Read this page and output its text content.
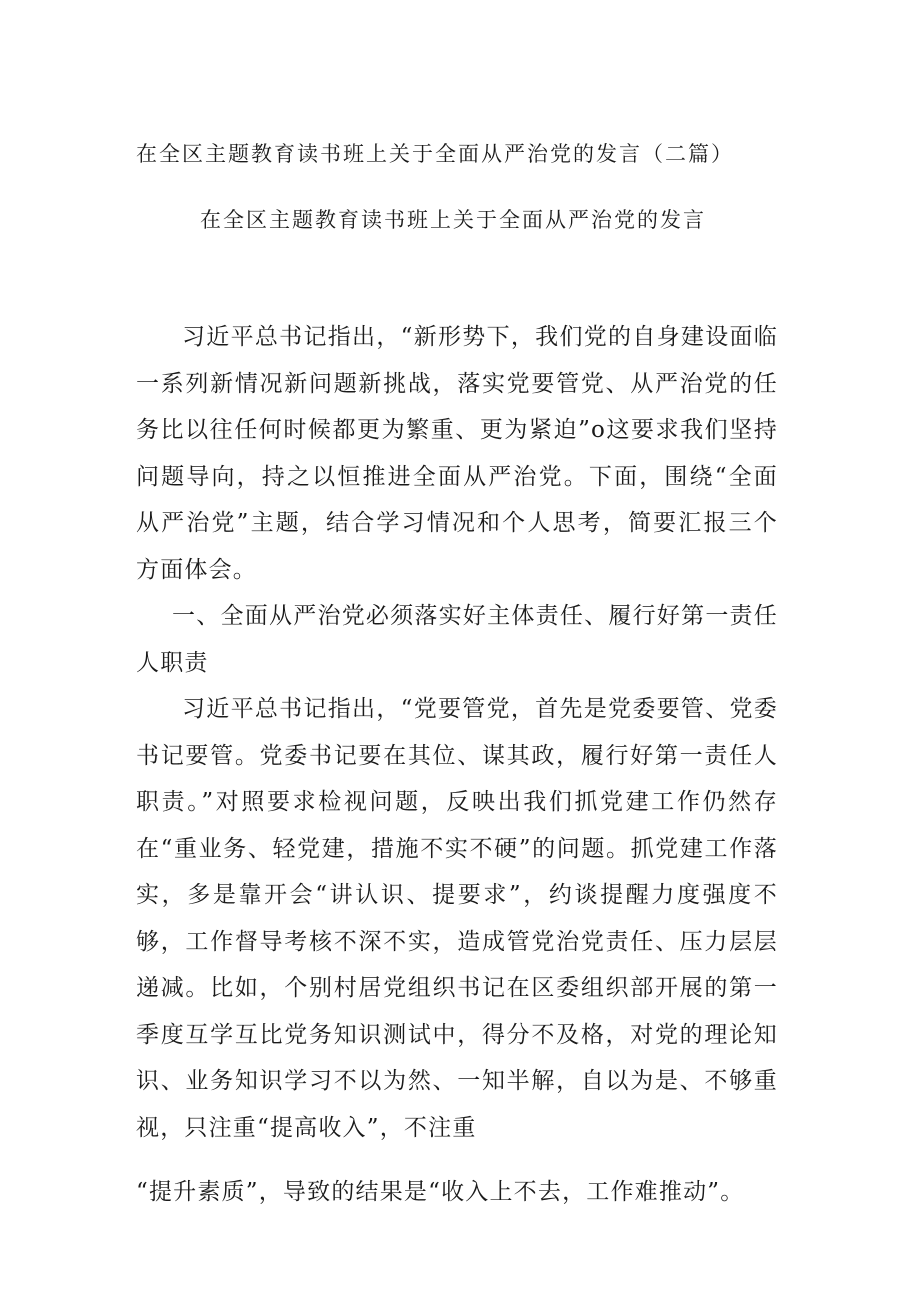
在全区主题教育读书班上关于全面从严治党的发言（二篇）
在全区主题教育读书班上关于全面从严治党的发言

习近平总书记指出，“新形势下，我们党的自身建设面临一系列新情况新问题新挑战，落实党要管党、从严治党的任务比以往任何时候都更为繁重、更为紧迫”o这要求我们坚持问题导向，持之以恒推进全面从严治党。下面，围绕“全面从严治党”主题，结合学习情况和个人思考，简要汇报三个方面体会。

一、全面从严治党必须落实好主体责任、履行好第一责任人职责

习近平总书记指出，“党要管党，首先是党委要管、党委书记要管。党委书记要在其位、谋其政，履行好第一责任人职责。”对照要求检视问题，反映出我们抓党建工作仍然存在“重业务、轻党建，措施不实不硬”的问题。抓党建工作落实，多是靠开会“讲认识、提要求”，约谈提醒力度强度不够，工作督导考核不深不实，造成管党治党责任、压力层层递减。比如，个别村居党组织书记在区委组织部开展的第一季度互学互比党务知识测试中，得分不及格，对党的理论知识、业务知识学习不以为然、一知半解，自以为是、不够重视，只注重“提高收入”，不注重

“提升素质”，导致的结果是“收入上不去，工作难推动”。
